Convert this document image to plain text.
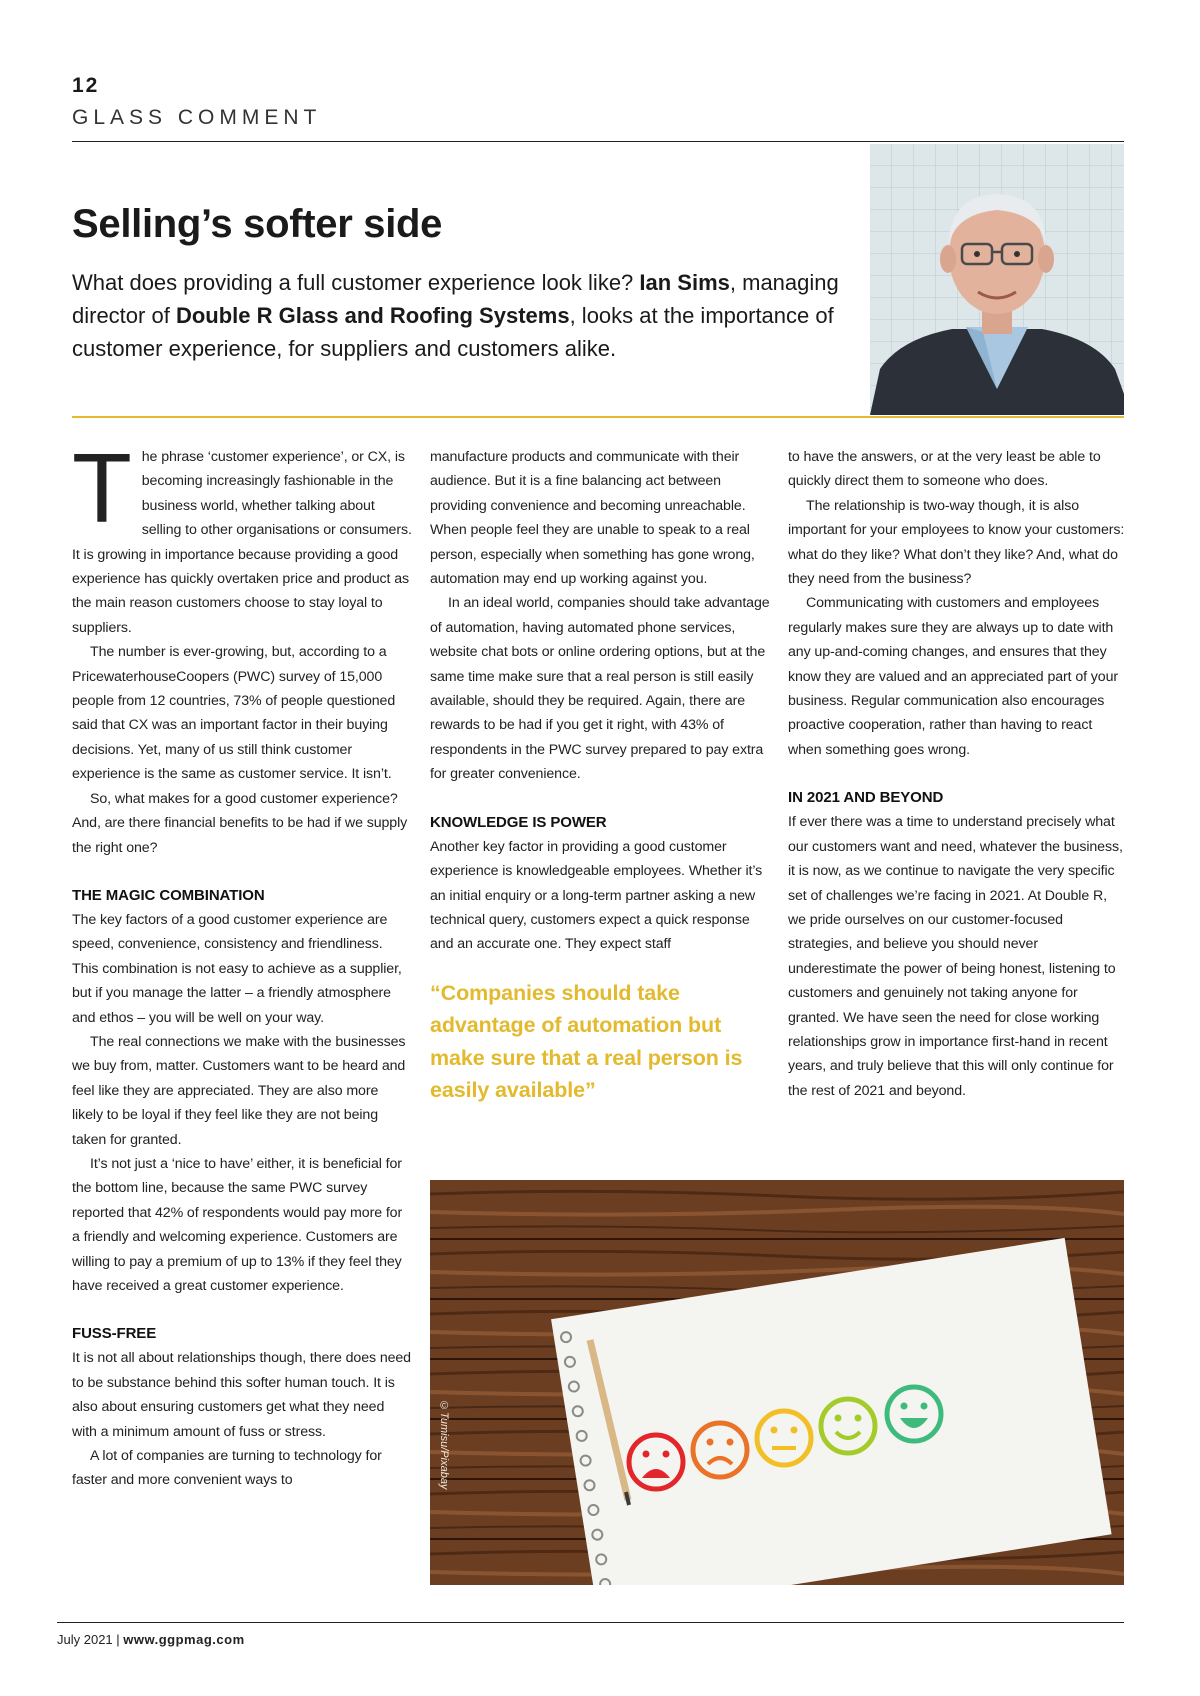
12
GLASS COMMENT
Selling’s softer side

What does providing a full customer experience look like? Ian Sims, managing director of Double R Glass and Roofing Systems, looks at the importance of customer experience, for suppliers and customers alike.

T he phrase ‘customer experience’, or CX, is becoming increasingly fashionable in the business world, whether talking about selling to other organisations or consumers. It is growing in importance because providing a good experience has quickly overtaken price and product as the main reason customers choose to stay loyal to suppliers.

The number is ever-growing, but, according to a PricewaterhouseCoopers (PWC) survey of 15,000 people from 12 countries, 73% of people questioned said that CX was an important factor in their buying decisions. Yet, many of us still think customer experience is the same as customer service. It isn’t.

So, what makes for a good customer experience? And, are there financial benefits to be had if we supply the right one?

THE MAGIC COMBINATION

The key factors of a good customer experience are speed, convenience, consistency and friendliness. This combination is not easy to achieve as a supplier, but if you manage the latter – a friendly atmosphere and ethos – you will be well on your way.

The real connections we make with the businesses we buy from, matter. Customers want to be heard and feel like they are appreciated. They are also more likely to be loyal if they feel like they are not being taken for granted.

It’s not just a ‘nice to have’ either, it is beneficial for the bottom line, because the same PWC survey reported that 42% of respondents would pay more for a friendly and welcoming experience. Customers are willing to pay a premium of up to 13% if they feel they have received a great customer experience.

FUSS-FREE

It is not all about relationships though, there does need to be substance behind this softer human touch. It is also about ensuring customers get what they need with a minimum amount of fuss or stress.

A lot of companies are turning to technology for faster and more convenient ways to

manufacture products and communicate with their audience. But it is a fine balancing act between providing convenience and becoming unreachable. When people feel they are unable to speak to a real person, especially when something has gone wrong, automation may end up working against you.

In an ideal world, companies should take advantage of automation, having automated phone services, website chat bots or online ordering options, but at the same time make sure that a real person is still easily available, should they be required. Again, there are rewards to be had if you get it right, with 43% of respondents in the PWC survey prepared to pay extra for greater convenience.

KNOWLEDGE IS POWER

Another key factor in providing a good customer experience is knowledgeable employees. Whether it’s an initial enquiry or a long-term partner asking a new technical query, customers expect a quick response and an accurate one. They expect staff

“Companies should take advantage of automation but make sure that a real person is easily available”

to have the answers, or at the very least be able to quickly direct them to someone who does.

The relationship is two-way though, it is also important for your employees to know your customers: what do they like? What don’t they like? And, what do they need from the business?

Communicating with customers and employees regularly makes sure they are always up to date with any up-and-coming changes, and ensures that they know they are valued and an appreciated part of your business. Regular communication also encourages proactive cooperation, rather than having to react when something goes wrong.

IN 2021 AND BEYOND

If ever there was a time to understand precisely what our customers want and need, whatever the business, it is now, as we continue to navigate the very specific set of challenges we’re facing in 2021. At Double R, we pride ourselves on our customer-focused strategies, and believe you should never underestimate the power of being honest, listening to customers and genuinely not taking anyone for granted. We have seen the need for close working relationships grow in importance first-hand in recent years, and truly believe that this will only continue for the rest of 2021 and beyond.

©Tumisu/Pixabay
July 2021 | www.ggpmag.com
